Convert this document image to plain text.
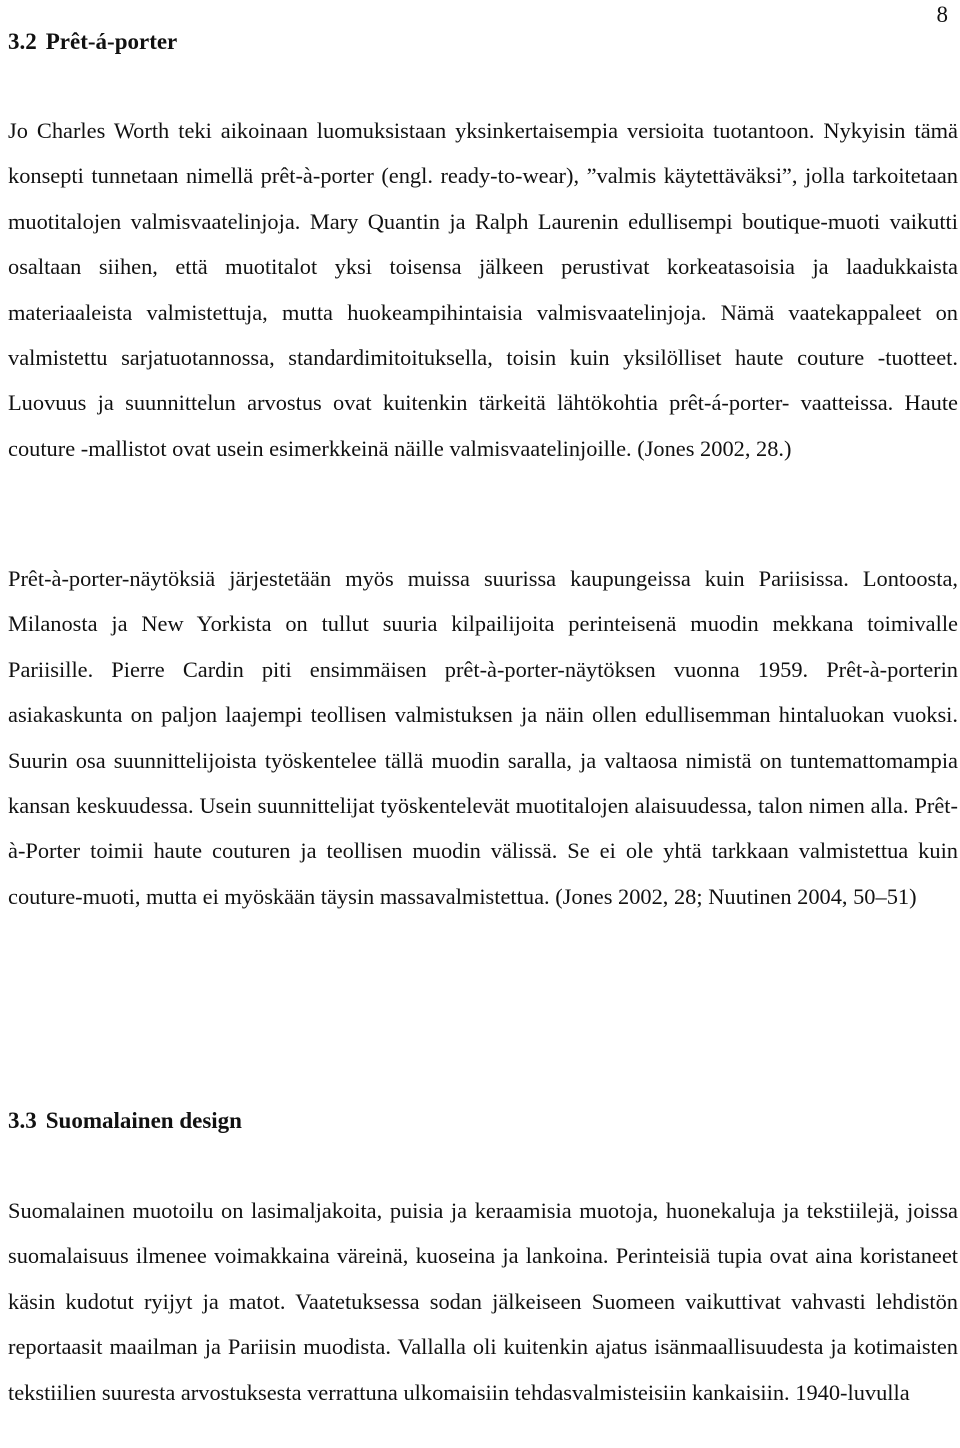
8
3.2 Prêt-á-porter

Jo Charles Worth teki aikoinaan luomuksistaan yksinkertaisempia versioita tuotantoon. Nykyisin tämä konsepti tunnetaan nimellä prêt-à-porter (engl. ready-to-wear), ”valmis käytettäväksi”, jolla tarkoitetaan muotitalojen valmisvaatelinjoja. Mary Quantin ja Ralph Laurenin edullisempi boutique-muoti vaikutti osaltaan siihen, että muotitalot yksi toisensa jälkeen perustivat korkeatasoisia ja laadukkaista materiaaleista valmistettuja, mutta huokeampihintaisia valmisvaatelinjoja. Nämä vaatekappaleet on valmistettu sarjatuotannossa, standardimitoituksella, toisin kuin yksilölliset haute couture -tuotteet. Luovuus ja suunnittelun arvostus ovat kuitenkin tärkeitä lähtökohtia prêt-á-porter- vaatteissa. Haute couture -mallistot ovat usein esimerkkeinä näille valmisvaatelinjoille. (Jones 2002, 28.)

Prêt-à-porter-näytöksiä järjestetään myös muissa suurissa kaupungeissa kuin Pariisissa. Lontoosta, Milanosta ja New Yorkista on tullut suuria kilpailijoita perinteisenä muodin mekkana toimivalle Pariisille. Pierre Cardin piti ensimmäisen prêt-à-porter-näytöksen vuonna 1959. Prêt-à-porterin asiakaskunta on paljon laajempi teollisen valmistuksen ja näin ollen edullisemman hintaluokan vuoksi. Suurin osa suunnittelijoista työskentelee tällä muodin saralla, ja valtaosa nimistä on tuntemattomampia kansan keskuudessa. Usein suunnittelijat työskentelevät muotitalojen alaisuudessa, talon nimen alla. Prêt-à-Porter toimii haute couturen ja teollisen muodin välissä. Se ei ole yhtä tarkkaan valmistettua kuin couture-muoti, mutta ei myöskään täysin massavalmistettua. (Jones 2002, 28; Nuutinen 2004, 50–51)

3.3 Suomalainen design

Suomalainen muotoilu on lasimaljakoita, puisia ja keraamisia muotoja, huonekaluja ja tekstiilejä, joissa suomalaisuus ilmenee voimakkaina väreinä, kuoseina ja lankoina. Perinteisiä tupia ovat aina koristaneet käsin kudotut ryijyt ja matot. Vaatetuksessa sodan jälkeiseen Suomeen vaikuttivat vahvasti lehdistön reportaasit maailman ja Pariisin muodista. Vallalla oli kuitenkin ajatus isänmaallisuudesta ja kotimaisten tekstiilien suuresta arvostuksesta verrattuna ulkomaisiin tehdasvalmisteisiin kankaisiin. 1940-luvulla
